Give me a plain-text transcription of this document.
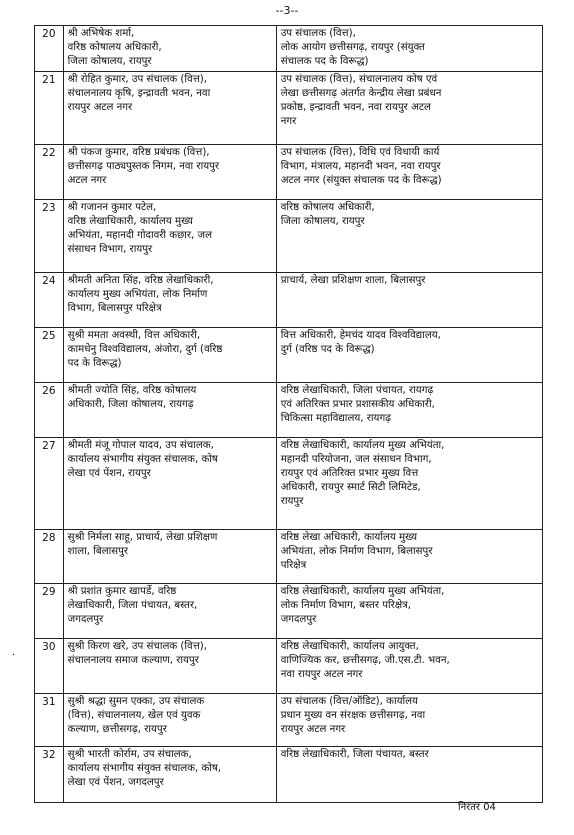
--3--
20	श्री अभिषेक शर्मा,
वरिष्ठ कोषालय अधिकारी,
जिला कोषालय, रायपुर	उप संचालक (वित्त),
लोक आयोग छत्तीसगढ़, रायपुर (संयुक्त
संचालक पद के विरूद्ध)

21	श्री रोहित कुमार, उप संचालक (वित्त),
संचालनालय कृषि, इन्द्रावती भवन, नवा
रायपुर अटल नगर	उप संचालक (वित्त), संचालनालय कोष एवं
लेखा छत्तीसगढ़ अंतर्गत केन्द्रीय लेखा प्रबंधन
प्रकोष्ठ, इन्द्रावती भवन, नवा रायपुर अटल
नगर

22	श्री पंकज कुमार, वरिष्ठ प्रबंधक (वित्त),
छत्तीसगढ़ पाठ्यपुस्तक निगम, नवा रायपुर
अटल नगर	उप संचालक (वित्त), विधि एवं विधायी कार्य
विभाग, मंत्रालय, महानदी भवन, नवा रायपुर
अटल नगर (संयुक्त संचालक पद के विरूद्ध)

23	श्री गजानन कुमार पटेल,
वरिष्ठ लेखाधिकारी, कार्यालय मुख्य
अभियंता, महानदी गोदावरी कछार, जल
संसाधन विभाग, रायपुर	वरिष्ठ कोषालय अधिकारी,
जिला कोषालय, रायपुर

24	श्रीमती अनिता सिंह, वरिष्ठ लेखाधिकारी,
कार्यालय मुख्य अभियंता, लोक निर्माण
विभाग, बिलासपुर परिक्षेत्र	प्राचार्य, लेखा प्रशिक्षण शाला, बिलासपुर

25	सुश्री ममता अवस्थी, वित्त अधिकारी,
कामधेनु विश्वविद्यालय, अंजोरा, दुर्ग (वरिष्ठ
पद के विरूद्ध)	वित्त अधिकारी, हेमचंद यादव विश्वविद्यालय,
दुर्ग (वरिष्ठ पद के विरूद्ध)

26	श्रीमती ज्योति सिंह, वरिष्ठ कोषालय
अधिकारी, जिला कोषालय, रायगढ़	वरिष्ठ लेखाधिकारी, जिला पंचायत, रायगढ़
एवं अतिरिक्त प्रभार प्रशासकीय अधिकारी,
चिकित्सा महाविद्यालय, रायगढ़

27	श्रीमती मंजू गोपाल यादव, उप संचालक,
कार्यालय संभागीय संयुक्त संचालक, कोष
लेखा एवं पेंशन, रायपुर	वरिष्ठ लेखाधिकारी, कार्यालय मुख्य अभियंता,
महानदी परियोजना, जल संसाधन विभाग,
रायपुर एवं अतिरिक्त प्रभार मुख्य वित्त
अधिकारी, रायपुर स्मार्ट सिटी लिमिटेड,
रायपुर

28	सुश्री निर्मला साहू, प्राचार्य, लेखा प्रशिक्षण
शाला, बिलासपुर	वरिष्ठ लेखा अधिकारी, कार्यालय मुख्य
अभियंता, लोक निर्माण विभाग, बिलासपुर
परिक्षेत्र

29	श्री प्रशांत कुमार खापर्डे, वरिष्ठ
लेखाधिकारी, जिला पंचायत, बस्तर,
जगदलपुर	वरिष्ठ लेखाधिकारी, कार्यालय मुख्य अभियंता,
लोक निर्माण विभाग, बस्तर परिक्षेत्र,
जगदलपुर

30	सुश्री किरण खरे, उप संचालक (वित्त),
संचालनालय समाज कल्याण, रायपुर	वरिष्ठ लेखाधिकारी, कार्यालय आयुक्त,
वाणिज्यिक कर, छत्तीसगढ़, जी.एस.टी. भवन,
नवा रायपुर अटल नगर

31	सुश्री श्रद्धा सुमन एक्का, उप संचालक
(वित्त), संचालनालय, खेल एवं युवक
कल्याण, छत्तीसगढ़, रायपुर	उप संचालक (वित्त/ऑडिट), कार्यालय
प्रधान मुख्य वन संरक्षक छत्तीसगढ़, नवा
रायपुर अटल नगर

32	सुश्री भारती कोर्राम, उप संचालक,
कार्यालय संभागीय संयुक्त संचालक, कोष,
लेखा एवं पेंशन, जगदलपुर	वरिष्ठ लेखाधिकारी, जिला पंचायत, बस्तर
.
निरंतर 04
